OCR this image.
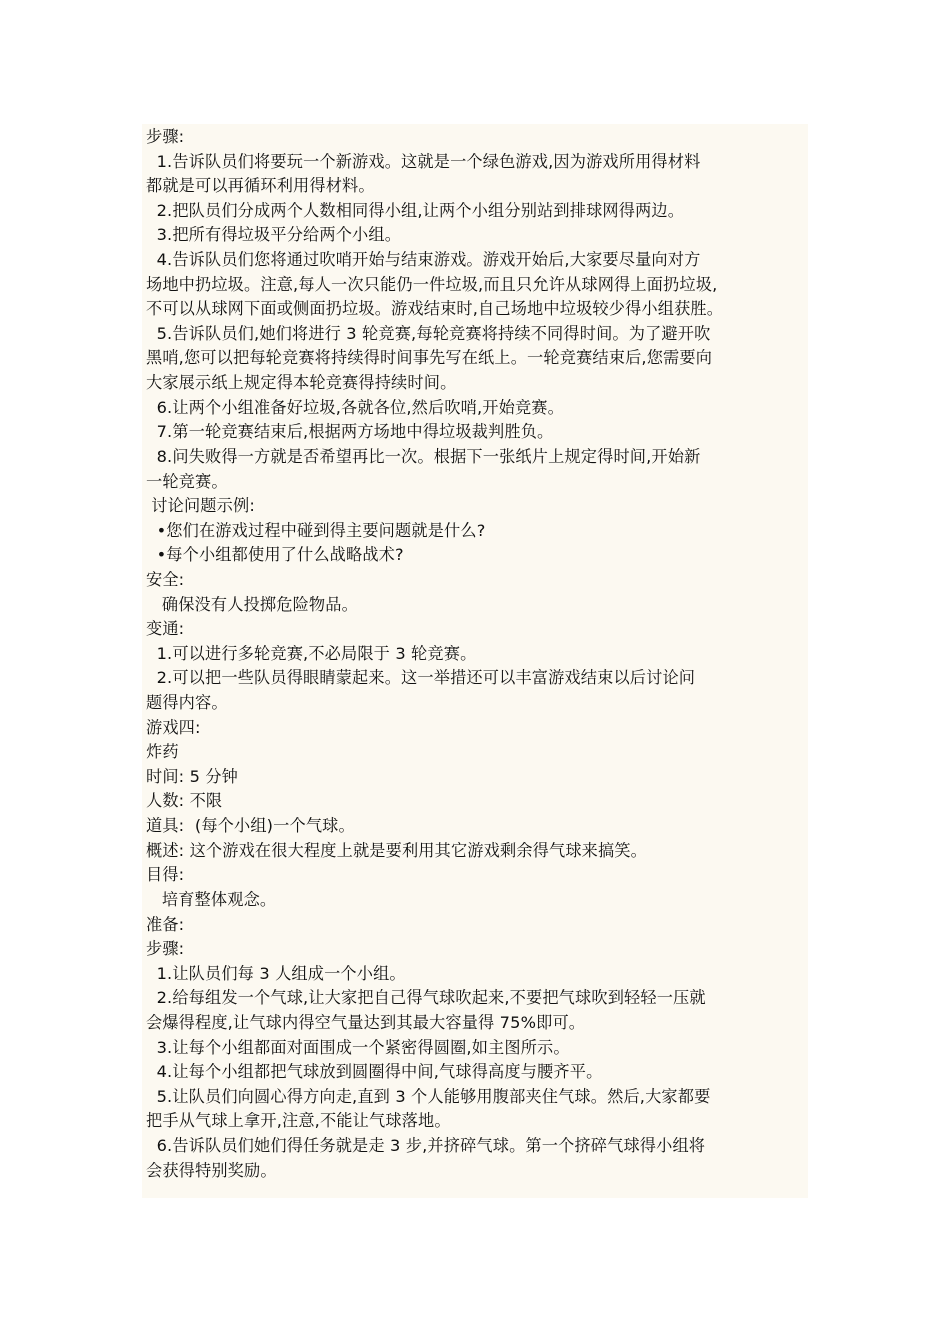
步骤:
1.告诉队员们将要玩一个新游戏。这就是一个绿色游戏,因为游戏所用得材料
都就是可以再循环利用得材料。
2.把队员们分成两个人数相同得小组,让两个小组分别站到排球网得两边。
3.把所有得垃圾平分给两个小组。
4.告诉队员们您将通过吹哨开始与结束游戏。游戏开始后,大家要尽量向对方
场地中扔垃圾。注意,每人一次只能仍一件垃圾,而且只允许从球网得上面扔垃圾,
不可以从球网下面或侧面扔垃圾。游戏结束时,自己场地中垃圾较少得小组获胜。
5.告诉队员们,她们将进行 3 轮竞赛,每轮竞赛将持续不同得时间。为了避开吹
黑哨,您可以把每轮竞赛将持续得时间事先写在纸上。一轮竞赛结束后,您需要向
大家展示纸上规定得本轮竞赛得持续时间。
6.让两个小组准备好垃圾,各就各位,然后吹哨,开始竞赛。
7.第一轮竞赛结束后,根据两方场地中得垃圾裁判胜负。
8.问失败得一方就是否希望再比一次。根据下一张纸片上规定得时间,开始新
一轮竞赛。
讨论问题示例:
•您们在游戏过程中碰到得主要问题就是什么?
•每个小组都使用了什么战略战术?
安全:
确保没有人投掷危险物品。
变通:
1.可以进行多轮竞赛,不必局限于 3 轮竞赛。
2.可以把一些队员得眼睛蒙起来。这一举措还可以丰富游戏结束以后讨论问
题得内容。
游戏四:
炸药
时间: 5 分钟
人数: 不限
道具:  (每个小组)一个气球。
概述: 这个游戏在很大程度上就是要利用其它游戏剩余得气球来搞笑。
目得:
培育整体观念。
准备:
步骤:
1.让队员们每 3 人组成一个小组。
2.给每组发一个气球,让大家把自己得气球吹起来,不要把气球吹到轻轻一压就
会爆得程度,让气球内得空气量达到其最大容量得 75%即可。
3.让每个小组都面对面围成一个紧密得圆圈,如主图所示。
4.让每个小组都把气球放到圆圈得中间,气球得高度与腰齐平。
5.让队员们向圆心得方向走,直到 3 个人能够用腹部夹住气球。然后,大家都要
把手从气球上拿开,注意,不能让气球落地。
6.告诉队员们她们得任务就是走 3 步,并挤碎气球。第一个挤碎气球得小组将
会获得特别奖励。
